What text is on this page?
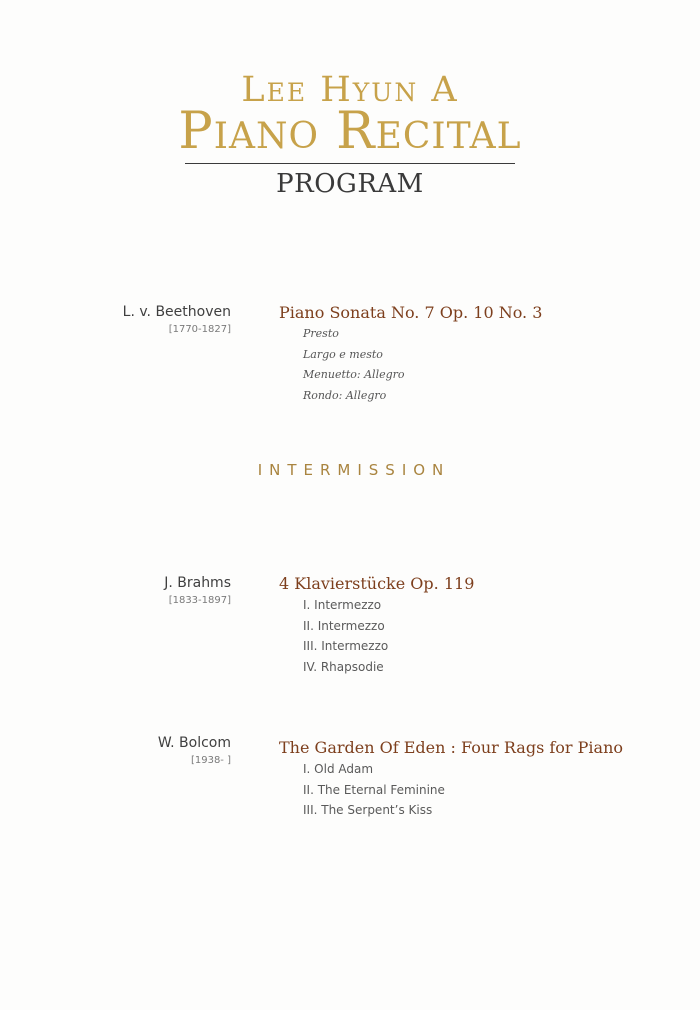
Lee Hyun A
Piano Recital
PROGRAM
L. v. Beethoven
[1770-1827]
Piano Sonata No. 7 Op. 10 No. 3
Presto
Largo e mesto
Menuetto: Allegro
Rondo: Allegro
INTERMISSION
J. Brahms
[1833-1897]
4 Klavierstücke Op. 119
I. Intermezzo
II. Intermezzo
III. Intermezzo
IV. Rhapsodie
W. Bolcom
[1938- ]
The Garden Of Eden : Four Rags for Piano
I. Old Adam
II. The Eternal Feminine
III. The Serpent’s Kiss
